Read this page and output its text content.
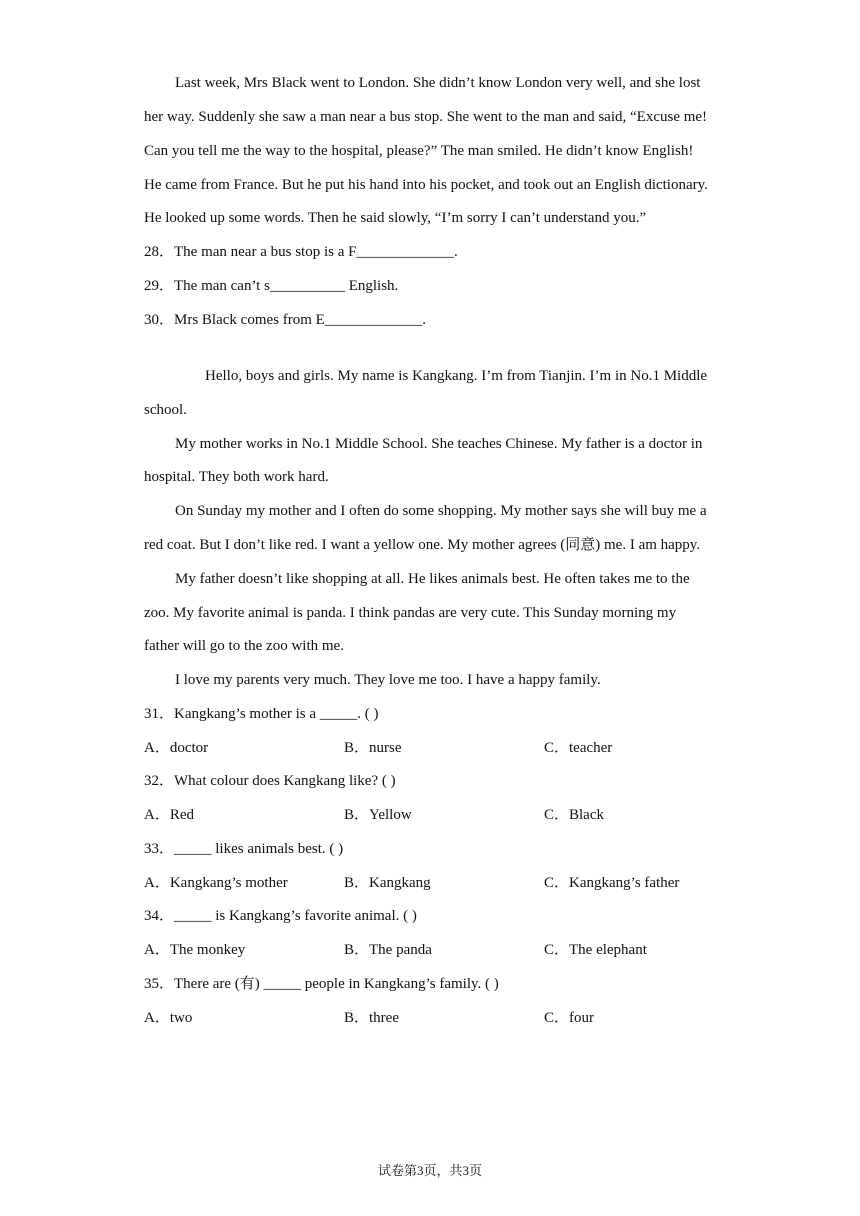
Last week, Mrs Black went to London. She didn’t know London very well, and she lost
her way. Suddenly she saw a man near a bus stop. She went to the man and said, “Excuse me!
Can you tell me the way to the hospital, please?” The man smiled. He didn’t know English!
He came from France. But he put his hand into his pocket, and took out an English dictionary.
He looked up some words. Then he said slowly, “I’m sorry I can’t understand you.”
28．The man near a bus stop is a F_____________.
29．The man can’t s__________ English.
30．Mrs Black comes from E_____________.
Hello, boys and girls. My name is Kangkang. I’m from Tianjin. I’m in No.1 Middle
school.
My mother works in No.1 Middle School. She teaches Chinese. My father is a doctor in
hospital. They both work hard.
On Sunday my mother and I often do some shopping. My mother says she will buy me a
red coat. But I don’t like red. I want a yellow one. My mother agrees (同意) me. I am happy.
My father doesn’t like shopping at all. He likes animals best. He often takes me to the
zoo. My favorite animal is panda. I think pandas are very cute. This Sunday morning my
father will go to the zoo with me.
I love my parents very much. They love me too. I have a happy family.
31．Kangkang’s mother is a _____. ( )
A．doctor	B．nurse	C．teacher
32．What colour does Kangkang like? ( )
A．Red	B．Yellow	C．Black
33．_____ likes animals best. ( )
A．Kangkang’s mother	B．Kangkang	C．Kangkang’s father
34．_____ is Kangkang’s favorite animal. ( )
A．The monkey	B．The panda	C．The elephant
35．There are (有) _____ people in Kangkang’s family. ( )
A．two	B．three	C．four
试卷第3页，共3页
